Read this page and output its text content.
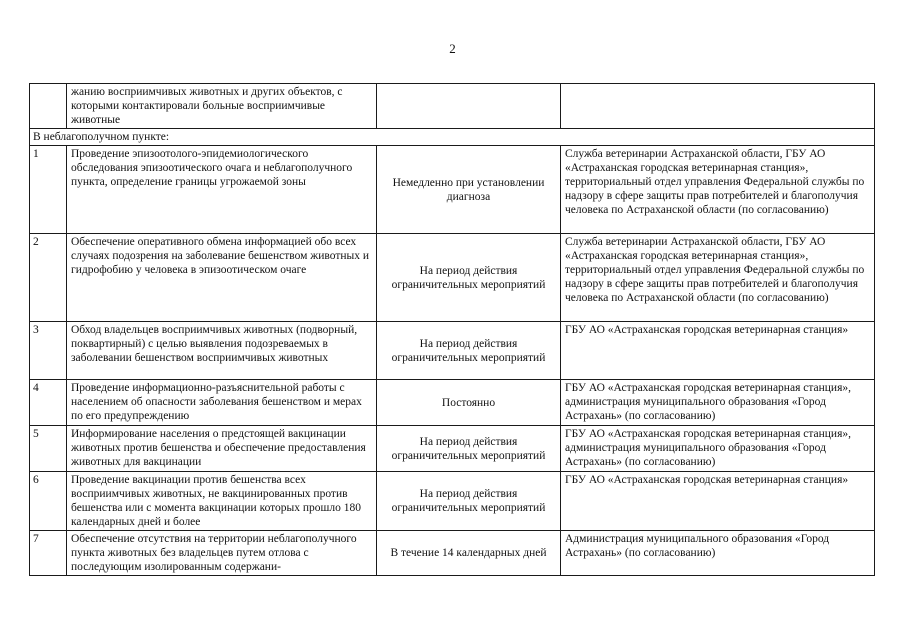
2
	жанию восприимчивых животных и других объектов, с которыми контактировали больные восприимчивые животные		
В неблагополучном пункте:			
1	Проведение эпизоотолого-эпидемиологического обследования эпизоотического очага и неблагополучного пункта, определение границы угрожаемой зоны	Немедленно при установлении диагноза	Служба ветеринарии Астраханской области, ГБУ АО «Астраханская городская ветеринарная станция», территориальный отдел управления Федеральной службы по надзору в сфере защиты прав потребителей и благополучия человека по Астраханской области (по согласованию)
2	Обеспечение оперативного обмена информацией обо всех случаях подозрения на заболевание бешенством животных и гидрофобию у человека в эпизоотическом очаге	На период действия ограничительных мероприятий	Служба ветеринарии Астраханской области, ГБУ АО «Астраханская городская ветеринарная станция», территориальный отдел управления Федеральной службы по надзору в сфере защиты прав потребителей и благополучия человека по Астраханской области (по согласованию)
3	Обход владельцев восприимчивых животных (подворный, поквартирный) с целью выявления подозреваемых в заболевании бешенством восприимчивых животных	На период действия ограничительных мероприятий	ГБУ АО «Астраханская городская ветеринарная станция»
4	Проведение информационно-разъяснительной работы с населением об опасности заболевания бешенством и мерах по его предупреждению	Постоянно	ГБУ АО «Астраханская городская ветеринарная станция», администрация муниципального образования «Город Астрахань» (по согласованию)
5	Информирование населения о предстоящей вакцинации животных против бешенства и обеспечение предоставления животных для вакцинации	На период действия ограничительных мероприятий	ГБУ АО «Астраханская городская ветеринарная станция», администрация муниципального образования «Город Астрахань» (по согласованию)
6	Проведение вакцинации против бешенства всех восприимчивых животных, не вакцинированных против бешенства или с момента вакцинации которых прошло 180 календарных дней и более	На период действия ограничительных мероприятий	ГБУ АО «Астраханская городская ветеринарная станция»
7	Обеспечение отсутствия на территории неблагополучного пункта животных без владельцев путем отлова с последующим изолированным содержани-	В течение 14 календарных дней	Администрация муниципального образования «Город Астрахань» (по согласованию)
